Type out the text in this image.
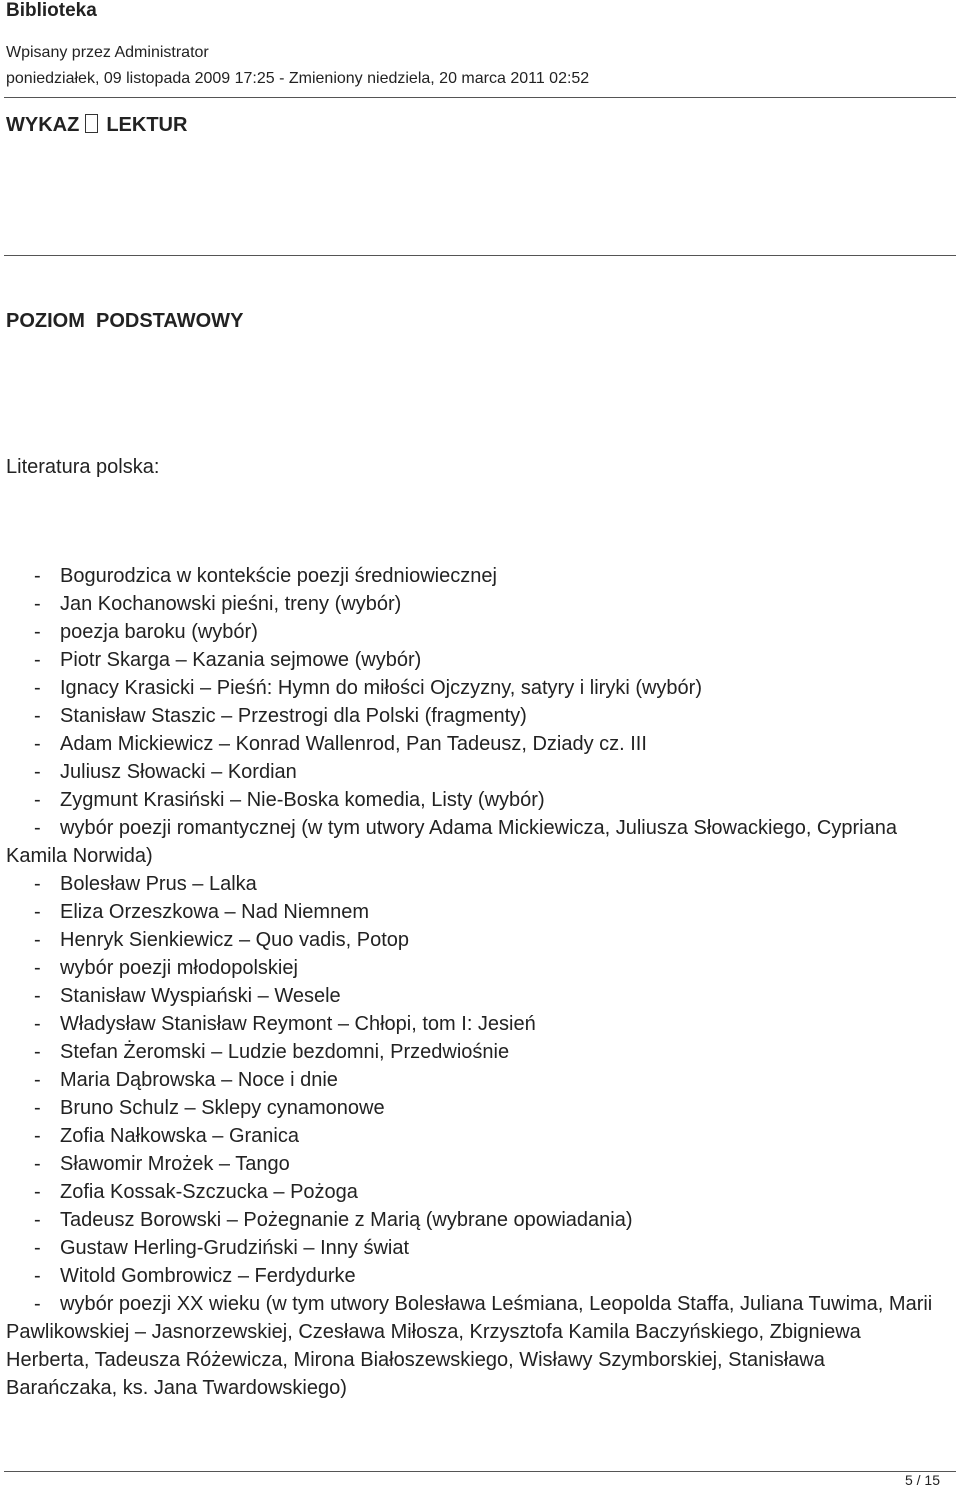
Biblioteka
Wpisany przez Administrator
poniedziałek, 09 listopada 2009 17:25 - Zmieniony niedziela, 20 marca 2011 02:52
WYKAZ LEKTUR
POZIOM  PODSTAWOWY
Literatura polska:
- Bogurodzica w kontekście poezji średniowiecznej
- Jan Kochanowski pieśni, treny (wybór)
- poezja baroku (wybór)
- Piotr Skarga – Kazania sejmowe (wybór)
- Ignacy Krasicki – Pieśń: Hymn do miłości Ojczyzny, satyry i liryki (wybór)
- Stanisław Staszic – Przestrogi dla Polski (fragmenty)
- Adam Mickiewicz – Konrad Wallenrod, Pan Tadeusz, Dziady cz. III
- Juliusz Słowacki – Kordian
- Zygmunt Krasiński – Nie-Boska komedia, Listy (wybór)
- wybór poezji romantycznej (w tym utwory Adama Mickiewicza, Juliusza Słowackiego, Cypriana Kamila Norwida)
- Bolesław Prus – Lalka
- Eliza Orzeszkowa – Nad Niemnem
- Henryk Sienkiewicz – Quo vadis, Potop
- wybór poezji młodopolskiej
- Stanisław Wyspiański – Wesele
- Władysław Stanisław Reymont – Chłopi, tom I: Jesień
- Stefan Żeromski – Ludzie bezdomni, Przedwiośnie
- Maria Dąbrowska – Noce i dnie
- Bruno Schulz – Sklepy cynamonowe
- Zofia Nałkowska – Granica
- Sławomir Mrożek – Tango
- Zofia Kossak-Szczucka – Pożoga
- Tadeusz Borowski – Pożegnanie z Marią (wybrane opowiadania)
- Gustaw Herling-Grudziński – Inny świat
- Witold Gombrowicz – Ferdydurke
- wybór poezji XX wieku (w tym utwory Bolesława Leśmiana, Leopolda Staffa, Juliana Tuwima, Marii Pawlikowskiej – Jasnorzewskiej, Czesława Miłosza, Krzysztofa Kamila Baczyńskiego, Zbigniewa Herberta, Tadeusza Różewicza, Mirona Białoszewskiego, Wisławy Szymborskiej, Stanisława Barańczaka, ks. Jana Twardowskiego)
5 / 15
